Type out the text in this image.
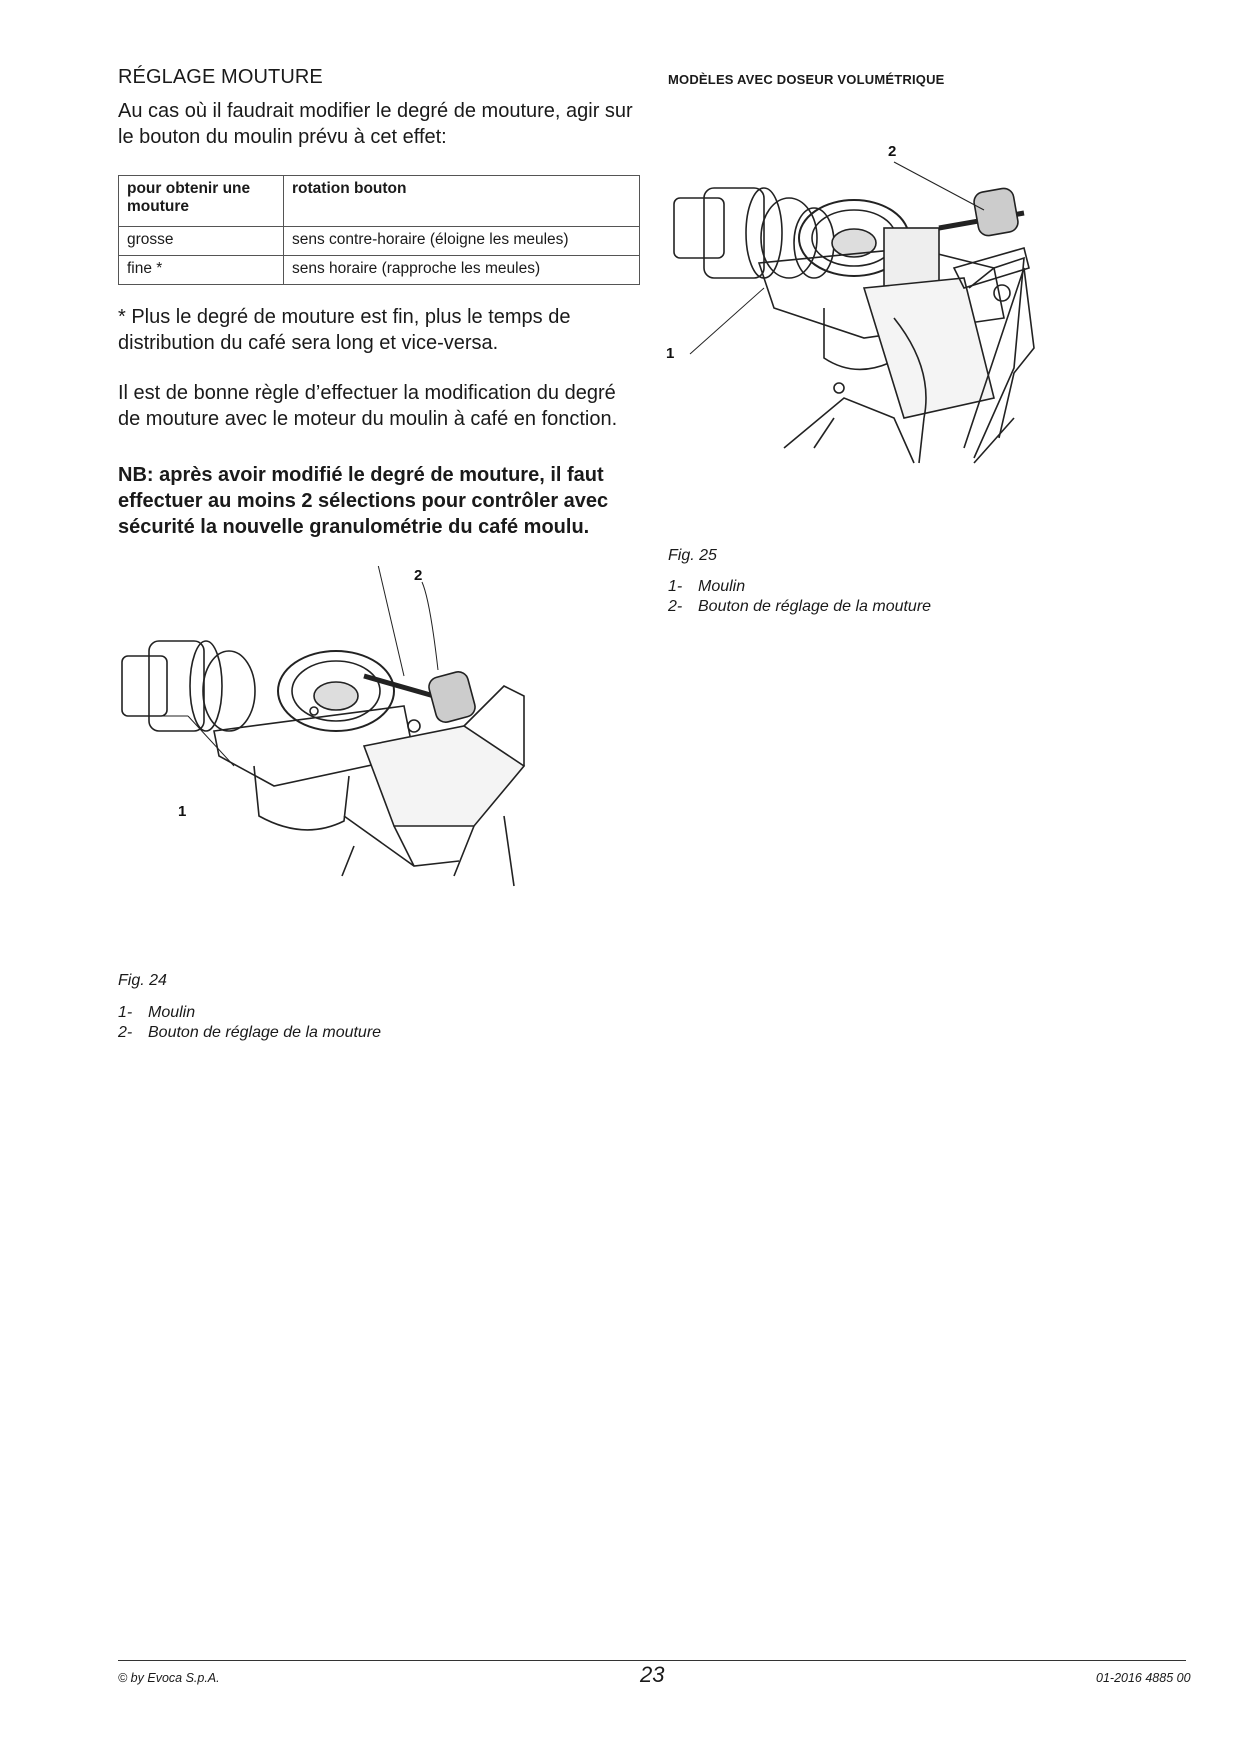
RÉGLAGE MOUTURE
Au cas où il faudrait modifier le degré de mouture, agir sur le bouton du moulin prévu à cet effet:
pour obtenir une mouture	rotation bouton
grosse	sens contre-horaire (éloigne les meules)
fine *	sens horaire (rapproche les meules)
* Plus le degré de mouture est fin, plus le temps de distribution du café sera long et vice-versa.
Il est de bonne règle d’effectuer la modification du degré de mouture avec le moteur du moulin à café en fonction.
NB: après avoir modifié le degré de mouture, il faut effectuer au moins 2 sélections pour contrôler avec sécurité la nouvelle granulométrie du café moulu.
MODÈLES AVEC DOSEUR VOLUMÉTRIQUE
2
1
Fig. 25
1- Moulin
2- Bouton de réglage de la mouture
1
2
Fig. 24
1- Moulin
2- Bouton de réglage de la mouture
© by Evoca S.p.A.	23	01-2016 4885 00
